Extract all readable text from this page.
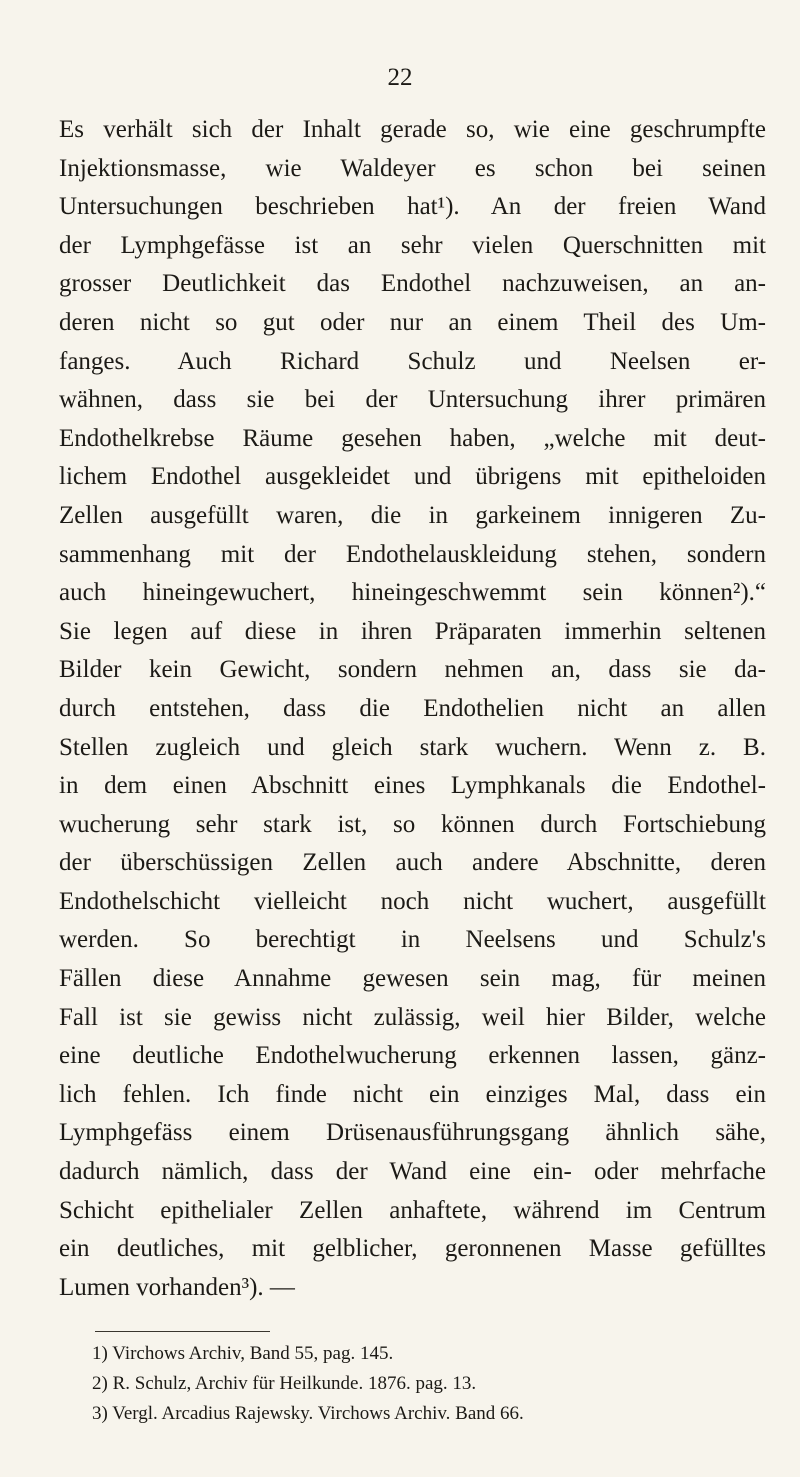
22
Es verhält sich der Inhalt gerade so, wie eine geschrumpfte
Injektionsmasse, wie Waldeyer es schon bei seinen
Untersuchungen beschrieben hat¹). An der freien Wand
der Lymphgefässe ist an sehr vielen Querschnitten mit
grosser Deutlichkeit das Endothel nachzuweisen, an an-
deren nicht so gut oder nur an einem Theil des Um-
fanges. Auch Richard Schulz und Neelsen er-
wähnen, dass sie bei der Untersuchung ihrer primären
Endothelkrebse Räume gesehen haben, „welche mit deut-
lichem Endothel ausgekleidet und übrigens mit epitheloiden
Zellen ausgefüllt waren, die in garkeinem innigeren Zu-
sammenhang mit der Endothelauskleidung stehen, sondern
auch hineingewuchert, hineingeschwemmt sein können²).“
Sie legen auf diese in ihren Präparaten immerhin seltenen
Bilder kein Gewicht, sondern nehmen an, dass sie da-
durch entstehen, dass die Endothelien nicht an allen
Stellen zugleich und gleich stark wuchern. Wenn z. B.
in dem einen Abschnitt eines Lymphkanals die Endothel-
wucherung sehr stark ist, so können durch Fortschiebung
der überschüssigen Zellen auch andere Abschnitte, deren
Endothelschicht vielleicht noch nicht wuchert, ausgefüllt
werden. So berechtigt in Neelsens und Schulz's
Fällen diese Annahme gewesen sein mag, für meinen
Fall ist sie gewiss nicht zulässig, weil hier Bilder, welche
eine deutliche Endothelwucherung erkennen lassen, gänz-
lich fehlen. Ich finde nicht ein einziges Mal, dass ein
Lymphgefäss einem Drüsenausführungsgang ähnlich sähe,
dadurch nämlich, dass der Wand eine ein- oder mehrfache
Schicht epithelialer Zellen anhaftete, während im Centrum
ein deutliches, mit gelblicher, geronnenen Masse gefülltes
Lumen vorhanden³). —
1) Virchows Archiv, Band 55, pag. 145.
2) R. Schulz, Archiv für Heilkunde. 1876. pag. 13.
3) Vergl. Arcadius Rajewsky. Virchows Archiv. Band 66.
